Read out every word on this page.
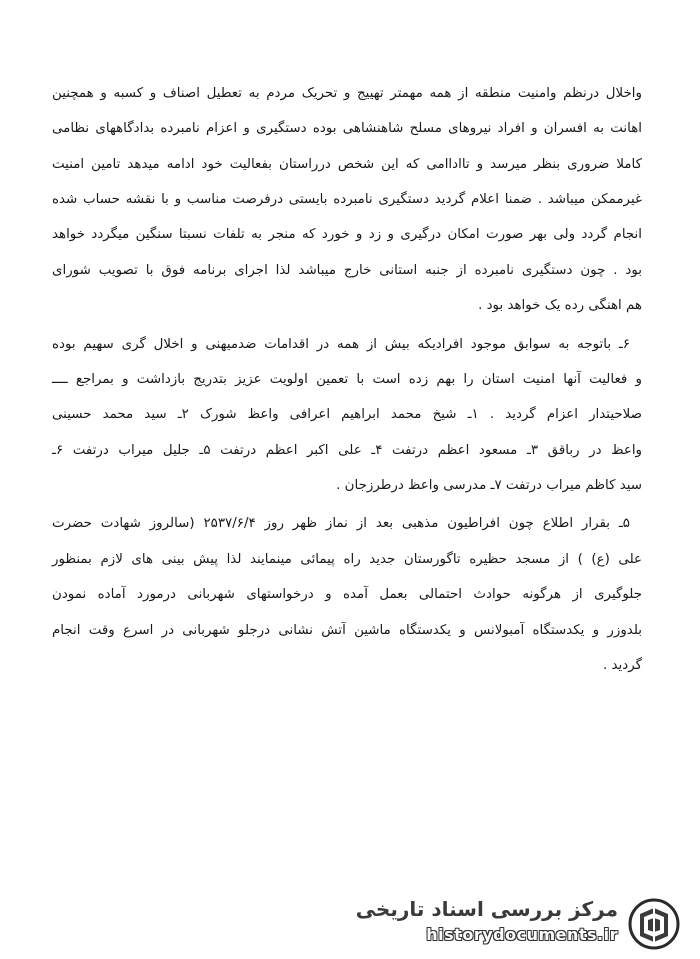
واخلال درنظم وامنیت منطقه از همه مهمتر تهییج و تحریک مردم به تعطیل اصناف و کسبه و همچنین
اهانت به افسران و افراد نیروهای مسلح شاهنشاهی بوده دستگیری و اعزام نامبرده بدادگاههای نظامی
کاملا ضروری بنظر میرسد و تااداامی که این شخص درراستان بفعالیت خود ادامه میدهد تامین امنیت
غیرممکن میباشد . ضمنا اعلام گردید دستگیری نامبرده بایستی درفرصت مناسب و با نقشه حساب شده
انجام گردد ولی بهر صورت امکان درگیری و زد و خورد که منجر به تلفات نسبتا سنگین میگردد خواهد
بود . چون دستگیری نامبرده از جنبه استانی خارج میباشد لذا اجرای برنامه فوق با تصویب شورای
هم اهنگی رده یک خواهد بود .
۶ـ باتوجه به سوابق موجود افرادیکه بیش از همه در اقدامات ضدمیهنی و اخلال گری سهیم بوده
و فعالیت آنها امنیت استان را بهم زده است با تعمین اولویت عزیز بتدریج بازداشت و بمراجع ــــ
صلاحیتدار اعزام گردید . ۱ـ شیخ محمد ابراهیم اعرافی واعظ شورک ۲ـ سید محمد حسینی
واعظ در رباقق ۳ـ مسعود اعظم درتفت ۴ـ علی اکبر اعظم درتفت ۵ـ جلیل میراب درتفت ۶ـ
سید کاظم میراب درتفت ۷ـ مدرسی واعظ درطرزجان .
۵ـ بقرار اطلاع چون افراطیون مذهبی بعد از نماز ظهر روز ۲۵۳۷/۶/۴ (سالروز شهادت حضرت
علی (ع) ) از مسجد حظیره تاگورستان جدید راه پیمائی مینمایند لذا پیش بینی های لازم بمنظور
جلوگیری از هرگونه حوادث احتمالی بعمل آمده و درخواستهای شهربانی درمورد آماده نمودن
بلدوزر و یکدستگاه آمبولانس و یکدستگاه ماشین آتش نشانی درجلو شهربانی در اسرع وقت انجام
گردید .
مرکز بررسی اسناد تاریخی
historydocuments.ir
